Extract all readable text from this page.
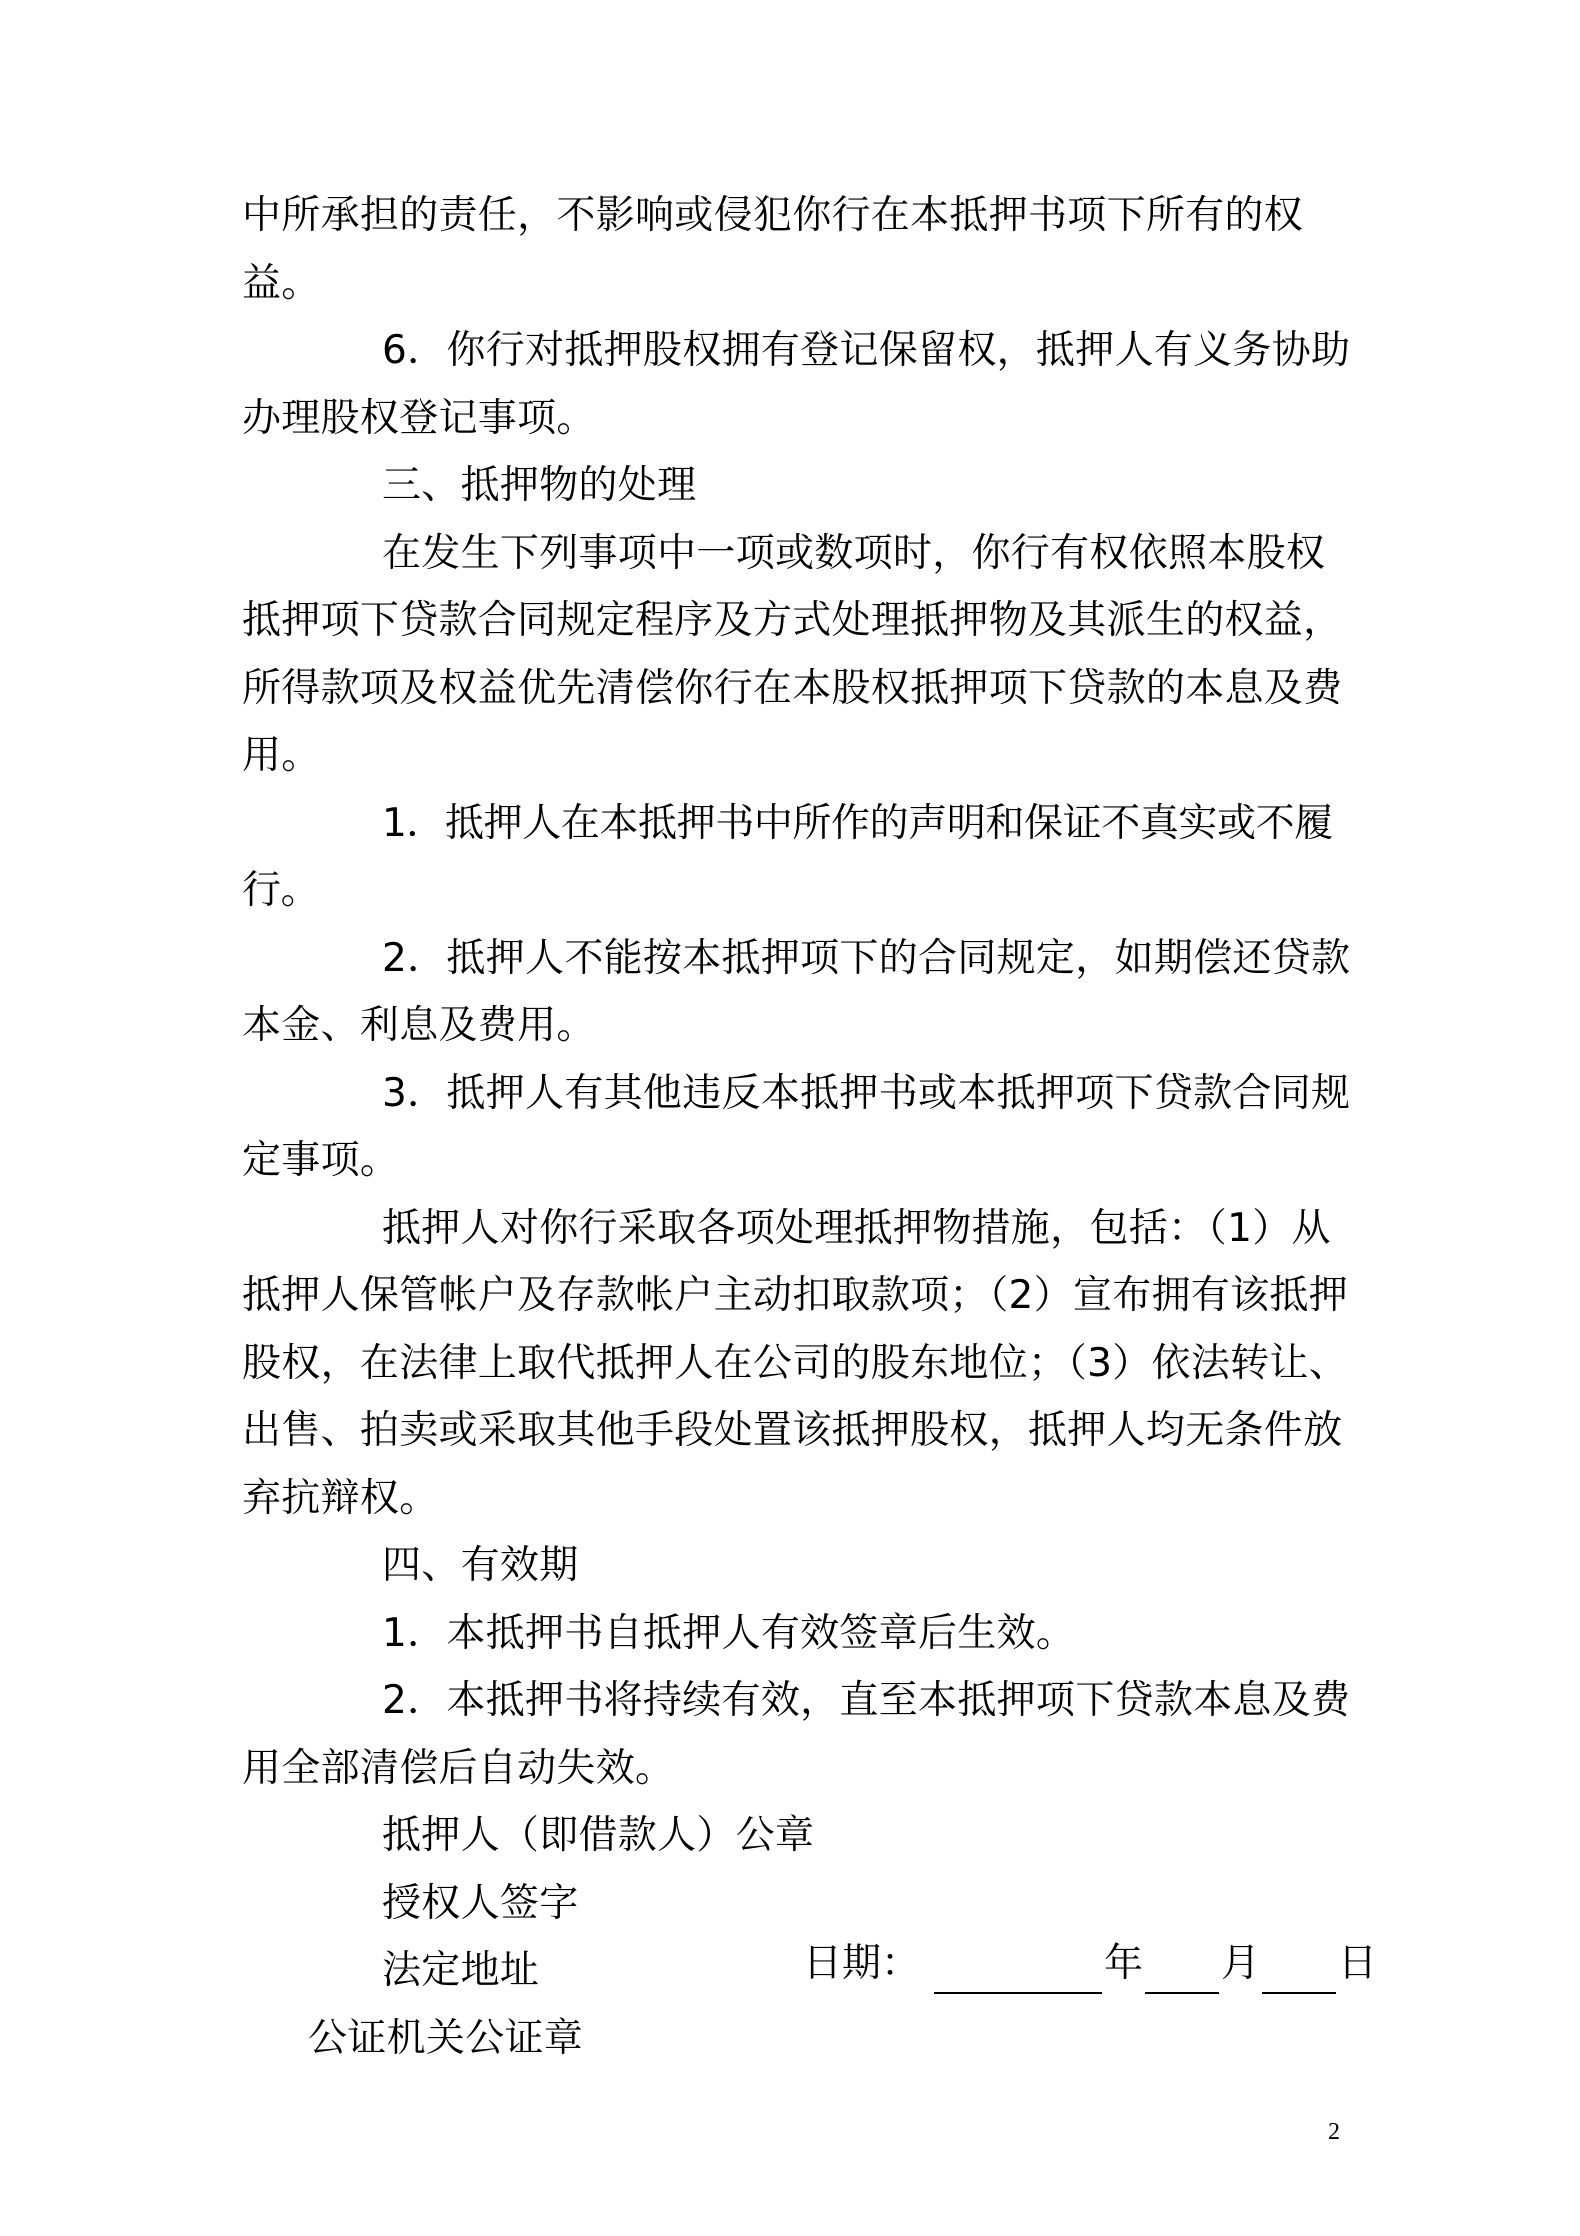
中所承担的责任，不影响或侵犯你行在本抵押书项下所有的权益。

6．你行对抵押股权拥有登记保留权，抵押人有义务协助办理股权登记事项。

三、抵押物的处理

在发生下列事项中一项或数项时，你行有权依照本股权抵押项下贷款合同规定程序及方式处理抵押物及其派生的权益，所得款项及权益优先清偿你行在本股权抵押项下贷款的本息及费用。

1．抵押人在本抵押书中所作的声明和保证不真实或不履行。

2．抵押人不能按本抵押项下的合同规定，如期偿还贷款本金、利息及费用。

3．抵押人有其他违反本抵押书或本抵押项下贷款合同规定事项。

抵押人对你行采取各项处理抵押物措施，包括：（1）从抵押人保管帐户及存款帐户主动扣取款项；（2）宣布拥有该抵押股权，在法律上取代抵押人在公司的股东地位；（3）依法转让、出售、拍卖或采取其他手段处置该抵押股权，抵押人均无条件放弃抗辩权。

四、有效期

1．本抵押书自抵押人有效签章后生效。

2．本抵押书将持续有效，直至本抵押项下贷款本息及费用全部清偿后自动失效。

抵押人（即借款人）公章

授权人签字

法定地址

公证机关公证章

日期：	年 月 日
2
